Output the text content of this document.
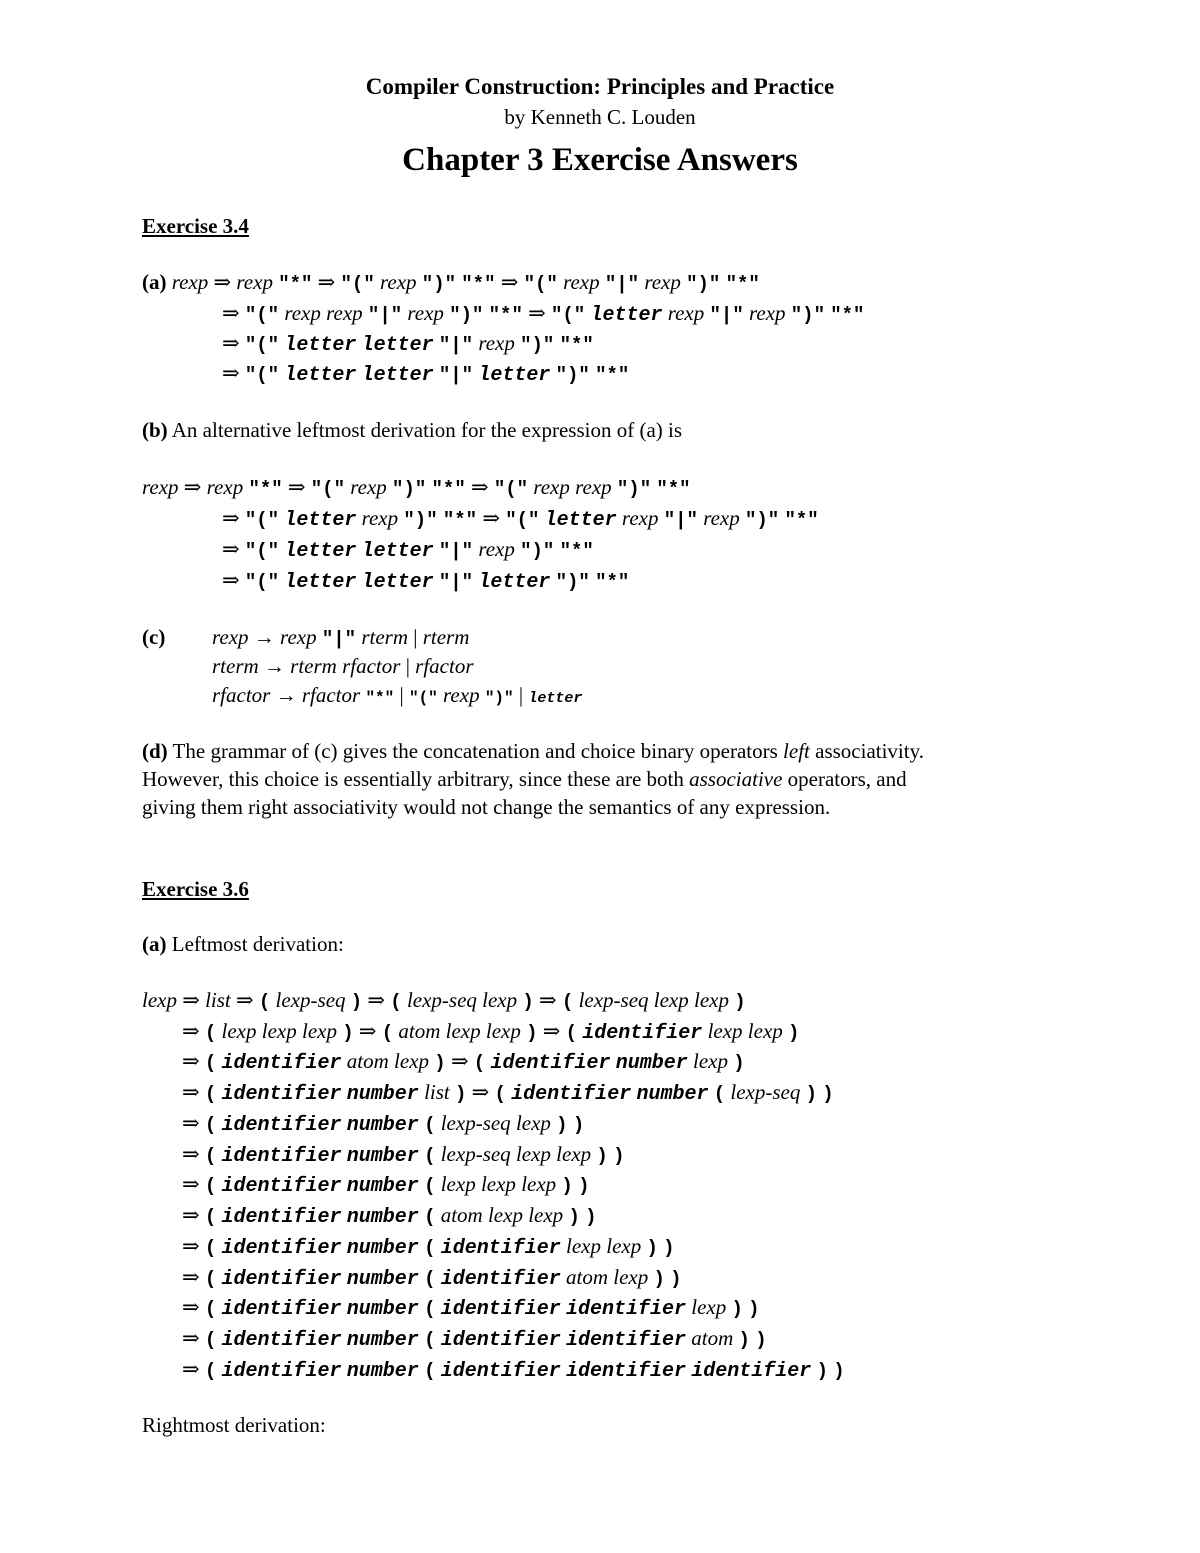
Compiler Construction: Principles and Practice
by Kenneth C. Louden
Chapter 3 Exercise Answers
Exercise 3.4
(a) rexp ⇒ rexp "*" ⇒ "(" rexp ")" "*" ⇒ "(" rexp "|" rexp ")" "*"
⇒ "(" rexp rexp "|" rexp ")" "*" ⇒ "(" letter rexp "|" rexp ")" "*"
⇒ "(" letter letter "|" rexp ")" "*"
⇒ "(" letter letter "|" letter ")" "*"
(b) An alternative leftmost derivation for the expression of (a) is
rexp ⇒ rexp "*" ⇒ "(" rexp ")" "*" ⇒ "(" rexp rexp ")" "*"
⇒ "(" letter rexp ")" "*" ⇒ "(" letter rexp "|" rexp ")" "*"
⇒ "(" letter letter "|" rexp ")" "*"
⇒ "(" letter letter "|" letter ")" "*"
(c) rexp → rexp "|" rterm | rterm
rterm → rterm rfactor | rfactor
rfactor → rfactor "*" | "(" rexp ")" | letter
(d) The grammar of (c) gives the concatenation and choice binary operators left associativity.
However, this choice is essentially arbitrary, since these are both associative operators, and
giving them right associativity would not change the semantics of any expression.
Exercise 3.6
(a) Leftmost derivation:
lexp ⇒ list ⇒ ( lexp-seq ) ⇒ ( lexp-seq lexp ) ⇒ ( lexp-seq lexp lexp )
⇒ ( lexp lexp lexp ) ⇒ ( atom lexp lexp ) ⇒ ( identifier lexp lexp )
⇒ ( identifier atom lexp ) ⇒ ( identifier number lexp )
⇒ ( identifier number list ) ⇒ ( identifier number ( lexp-seq ) )
⇒ ( identifier number ( lexp-seq lexp ) )
⇒ ( identifier number ( lexp-seq lexp lexp ) )
⇒ ( identifier number ( lexp lexp lexp ) )
⇒ ( identifier number ( atom lexp lexp ) )
⇒ ( identifier number ( identifier lexp lexp ) )
⇒ ( identifier number ( identifier atom lexp ) )
⇒ ( identifier number ( identifier identifier lexp ) )
⇒ ( identifier number ( identifier identifier atom ) )
⇒ ( identifier number ( identifier identifier identifier ) )
Rightmost derivation:
